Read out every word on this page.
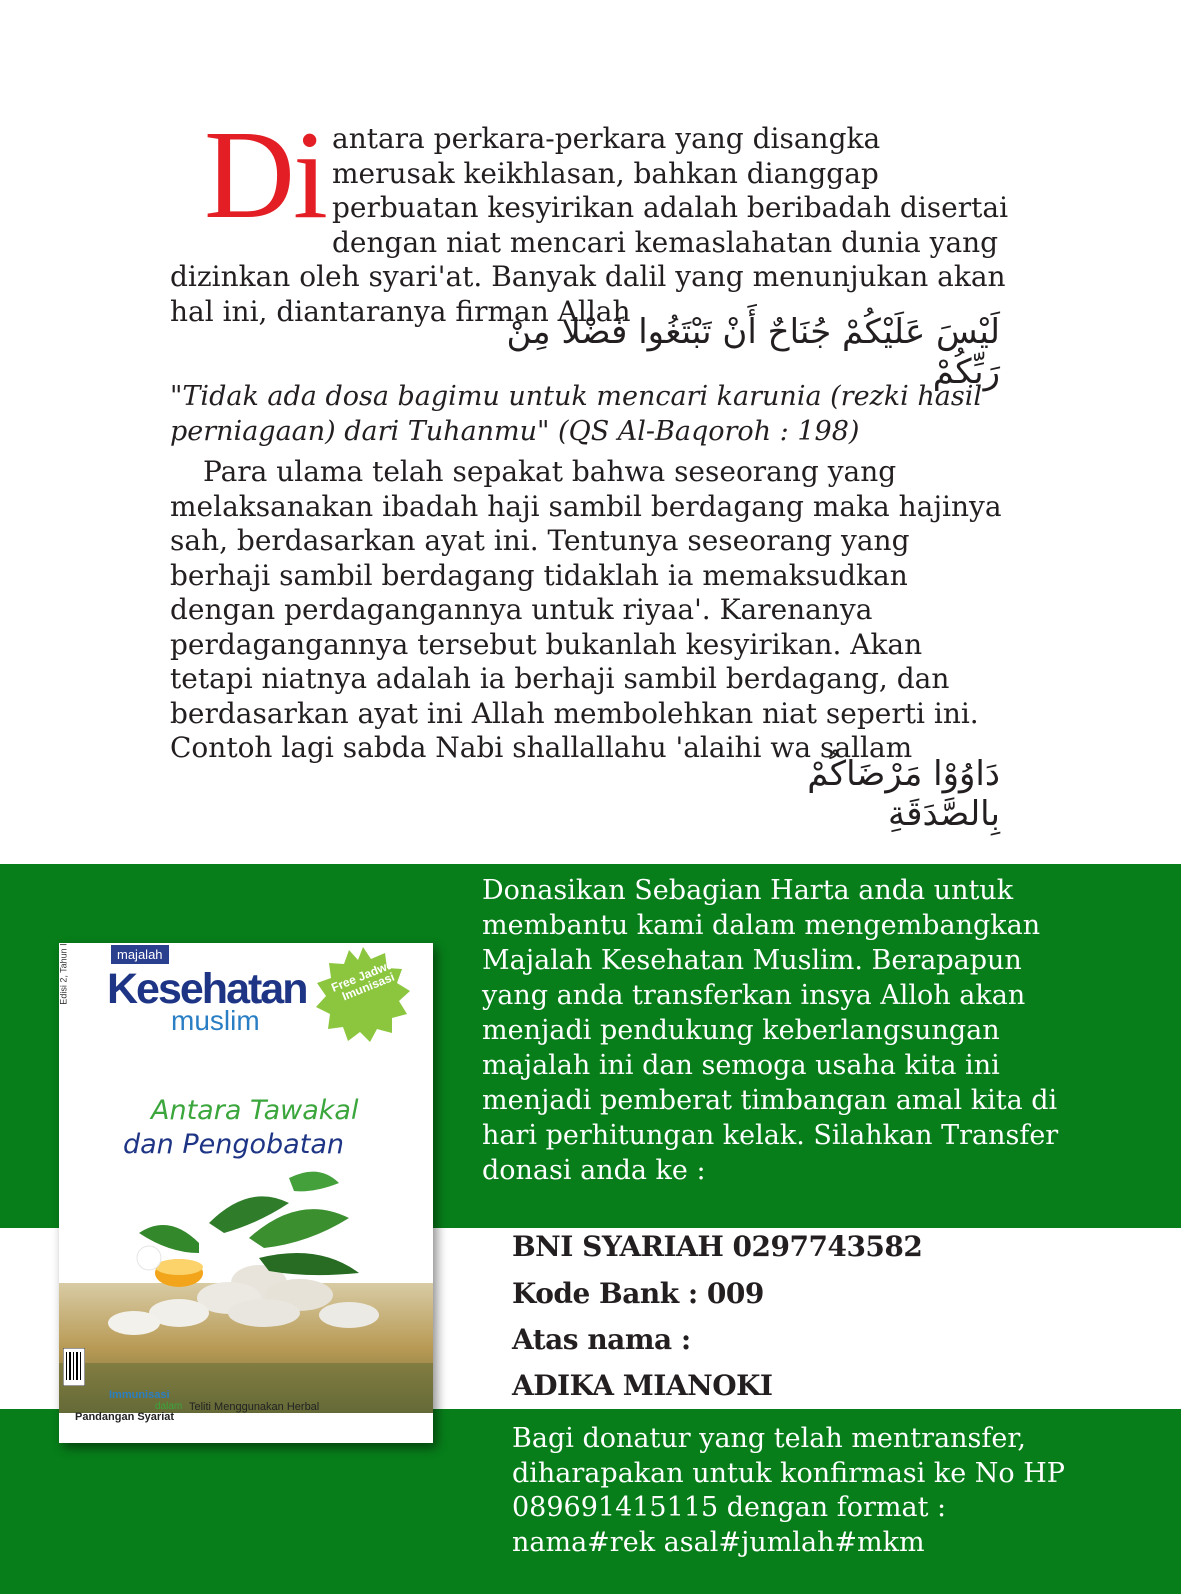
Di antara perkara-perkara yang disangka merusak keikhlasan, bahkan dianggap perbuatan kesyirikan adalah beribadah disertai dengan niat mencari kemaslahatan dunia yang dizinkan oleh syari'at. Banyak dalil yang menunjukan akan hal ini, diantaranya firman Allah

لَيْسَ عَلَيْكُمْ جُنَاحٌ أَنْ تَبْتَغُوا فَضْلا مِنْ رَبِّكُمْ

"Tidak ada dosa bagimu untuk mencari karunia (rezki hasil perniagaan) dari Tuhanmu" (QS Al-Baqoroh : 198)

Para ulama telah sepakat bahwa seseorang yang melaksanakan ibadah haji sambil berdagang maka hajinya sah, berdasarkan ayat ini. Tentunya seseorang yang berhaji sambil berdagang tidaklah ia memaksudkan dengan perdagangannya untuk riyaa'. Karenanya perdagangannya tersebut bukanlah kesyirikan. Akan tetapi niatnya adalah ia berhaji sambil berdagang, dan berdasarkan ayat ini Allah membolehkan niat seperti ini. Contoh lagi sabda Nabi shallallahu 'alaihi wa sallam

دَاوُوْا مَرْضَاكُمْ بِالصَّدَقَةِ

Donasikan Sebagian Harta anda untuk membantu kami dalam mengembangkan Majalah Kesehatan Muslim. Berapapun yang anda transferkan insya Alloh akan menjadi pendukung keberlangsungan majalah ini dan semoga usaha kita ini menjadi pemberat timbangan amal kita di hari perhitungan kelak. Silahkan Transfer donasi anda ke :

BNI SYARIAH 0297743582

Kode Bank : 009

Atas nama :

ADIKA MIANOKI

Bagi donatur yang telah mentransfer, diharapakan untuk konfirmasi ke No HP 089691415115 dengan format : nama#rek asal#jumlah#mkm

Edisi 2, Tahun I	majalah
Kesehatan
muslim
Free Jadwal Imunisasi
Antara Tawakal
dan Pengobatan
Immunisasi
dalam
Pandangan Syariat
Teliti Menggunakan Herbal
